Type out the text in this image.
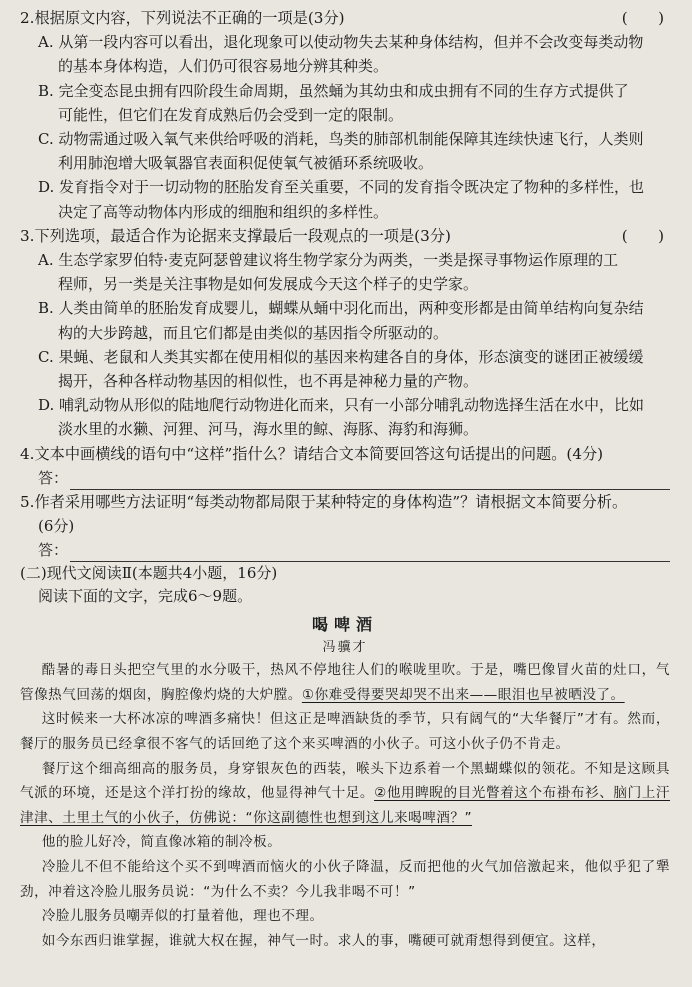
2.根据原文内容，下列说法不正确的一项是(3分)	(　　)
A. 从第一段内容可以看出，退化现象可以使动物失去某种身体结构，但并不会改变每类动物
的基本身体构造，人们仍可很容易地分辨其种类。
B. 完全变态昆虫拥有四阶段生命周期，虽然蛹为其幼虫和成虫拥有不同的生存方式提供了
可能性，但它们在发育成熟后仍会受到一定的限制。
C. 动物需通过吸入氧气来供给呼吸的消耗，鸟类的肺部机制能保障其连续快速飞行，人类则
利用肺泡增大吸氧器官表面积促使氧气被循环系统吸收。
D. 发育指令对于一切动物的胚胎发育至关重要，不同的发育指令既决定了物种的多样性，也
决定了高等动物体内形成的细胞和组织的多样性。
3.下列选项，最适合作为论据来支撑最后一段观点的一项是(3分)	(　　)
A. 生态学家罗伯特·麦克阿瑟曾建议将生物学家分为两类，一类是探寻事物运作原理的工
程师，另一类是关注事物是如何发展成今天这个样子的史学家。
B. 人类由简单的胚胎发育成婴儿，蝴蝶从蛹中羽化而出，两种变形都是由简单结构向复杂结
构的大步跨越，而且它们都是由类似的基因指令所驱动的。
C. 果蝇、老鼠和人类其实都在使用相似的基因来构建各自的身体，形态演变的谜团正被缓缓
揭开，各种各样动物基因的相似性，也不再是神秘力量的产物。
D. 哺乳动物从形似的陆地爬行动物进化而来，只有一小部分哺乳动物选择生活在水中，比如
淡水里的水獭、河狸、河马，海水里的鲸、海豚、海豹和海狮。
4.文本中画横线的语句中“这样”指什么？请结合文本简要回答这句话提出的问题。(4分)
答：
5.作者采用哪些方法证明“每类动物都局限于某种特定的身体构造”？请根据文本简要分析。
(6分)
答：
(二)现代文阅读Ⅱ(本题共4小题，16分)
阅读下面的文字，完成6～9题。
喝啤酒
冯骥才
酷暑的毒日头把空气里的水分吸干，热风不停地往人们的喉咙里吹。于是，嘴巴像冒火苗的灶口，气管像热气回荡的烟囱，胸腔像灼烧的大炉膛。①你难受得要哭却哭不出来——眼泪也早被晒没了。
这时候来一大杯冰凉的啤酒多痛快！但这正是啤酒缺货的季节，只有阔气的“大华餐厅”才有。然而，餐厅的服务员已经拿很不客气的话回绝了这个来买啤酒的小伙子。可这小伙子仍不肯走。
餐厅这个细高细高的服务员，身穿银灰色的西装，喉头下边系着一个黑蝴蝶似的领花。不知是这顾具气派的环境，还是这个洋打扮的缘故，他显得神气十足。②他用睥睨的目光瞥着这个布褂布衫、脑门上汗津津、土里土气的小伙子，仿佛说：“你这副德性也想到这儿来喝啤酒？”
他的脸儿好冷，简直像冰箱的制冷板。
冷脸儿不但不能给这个买不到啤酒而恼火的小伙子降温，反而把他的火气加倍激起来，他似乎犯了犟劲，冲着这冷脸儿服务员说：“为什么不卖？今儿我非喝不可！”
冷脸儿服务员嘲弄似的打量着他，理也不理。
如今东西归谁掌握，谁就大权在握，神气一时。求人的事，嘴硬可就甭想得到便宜。这样，
